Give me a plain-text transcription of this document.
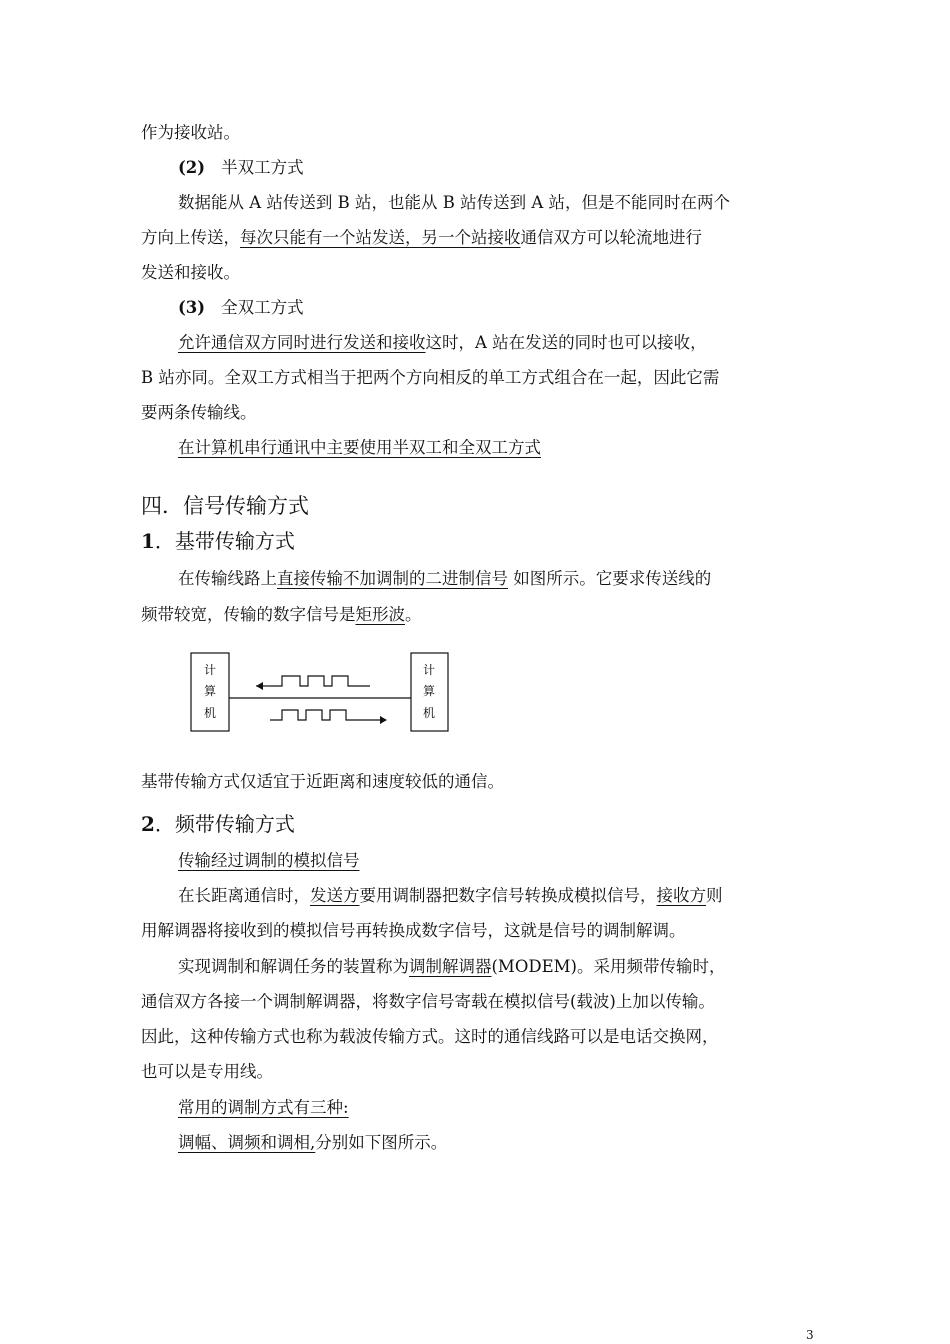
作为接收站。
(2) 半双工方式
数据能从 A 站传送到 B 站，也能从 B 站传送到 A 站，但是不能同时在两个
方向上传送，每次只能有一个站发送，另一个站接收通信双方可以轮流地进行
发送和接收。
(3) 全双工方式
允许通信双方同时进行发送和接收这时，A 站在发送的同时也可以接收，
B 站亦同。全双工方式相当于把两个方向相反的单工方式组合在一起，因此它需
要两条传输线。
在计算机串行通讯中主要使用半双工和全双工方式
四．信号传输方式
1．基带传输方式
在传输线路上直接传输不加调制的二进制信号 如图所示。它要求传送线的
频带较宽，传输的数字信号是矩形波。
计
算
机
计
算
机
基带传输方式仅适宜于近距离和速度较低的通信。
2．频带传输方式
传输经过调制的模拟信号
在长距离通信时，发送方要用调制器把数字信号转换成模拟信号，接收方则
用解调器将接收到的模拟信号再转换成数字信号，这就是信号的调制解调。
实现调制和解调任务的装置称为调制解调器(MODEM)。采用频带传输时，
通信双方各接一个调制解调器，将数字信号寄载在模拟信号(载波)上加以传输。
因此，这种传输方式也称为载波传输方式。这时的通信线路可以是电话交换网，
也可以是专用线。
常用的调制方式有三种:
调幅、调频和调相,分别如下图所示。
3
